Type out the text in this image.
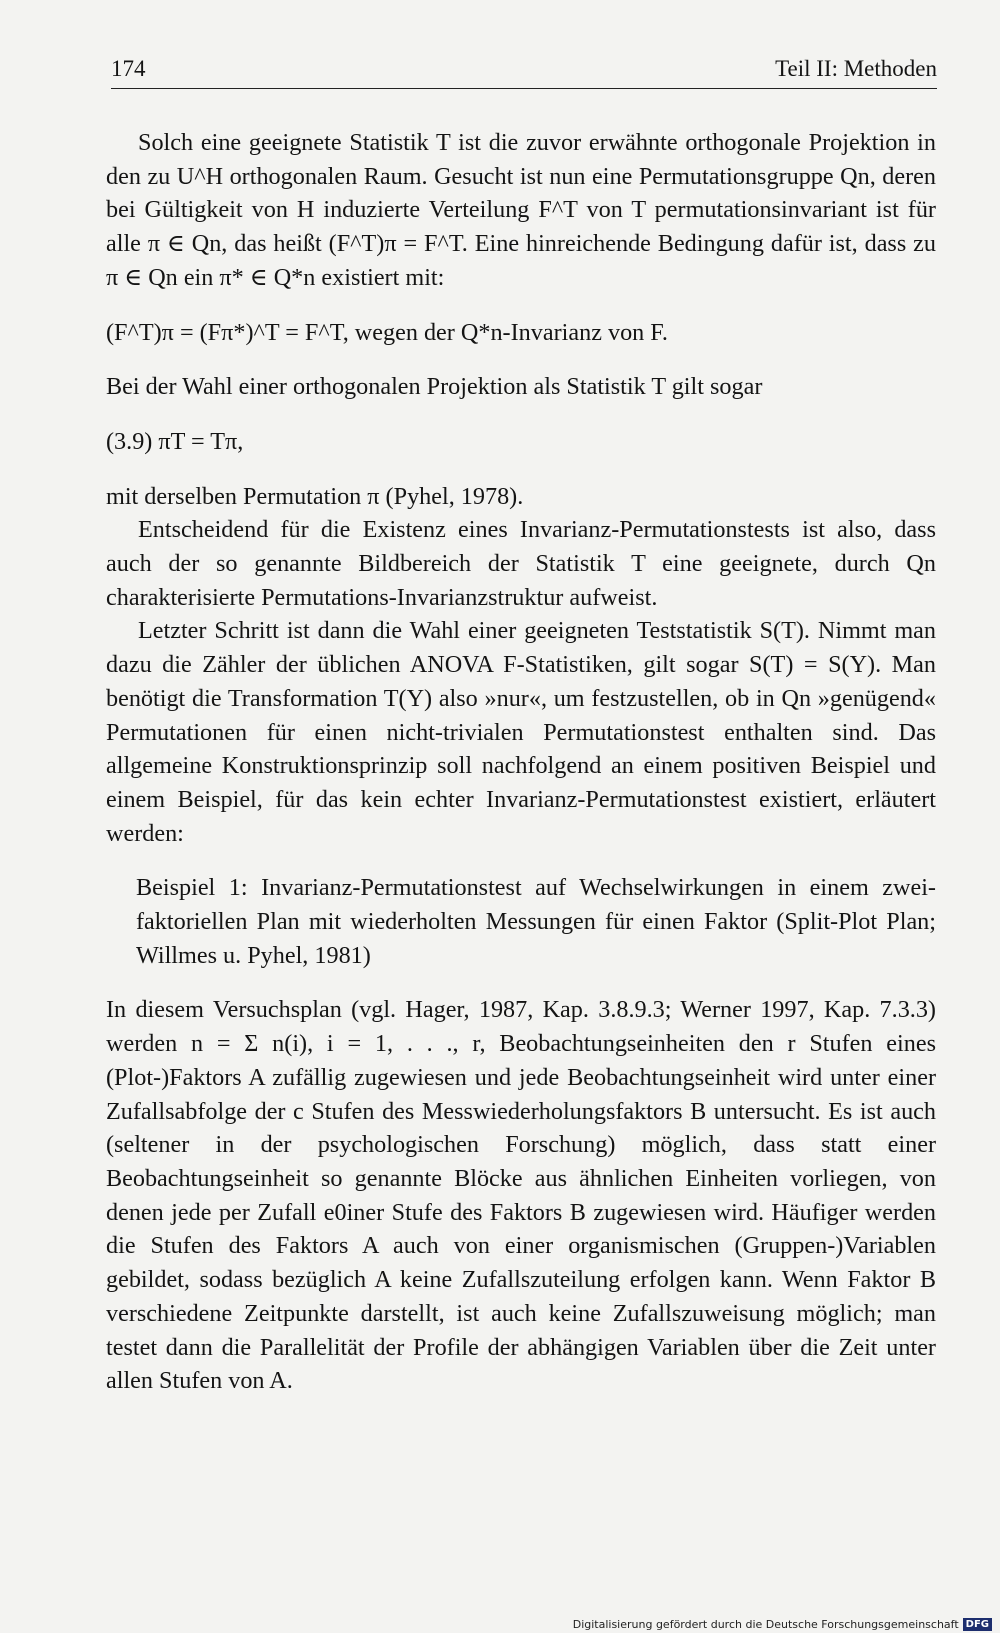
174	Teil II: Methoden

Solch eine geeignete Statistik T ist die zuvor erwähnte orthogonale Projektion in den zu U^H orthogonalen Raum. Gesucht ist nun eine Permutationsgruppe Qn, deren bei Gültigkeit von H induzierte Verteilung F^T von T permutationsinvariant ist für alle π ∈ Qn, das heißt (F^T)π = F^T. Eine hinreichende Bedingung dafür ist, dass zu π ∈ Qn ein π* ∈ Q*n existiert mit:

(F^T)π = (Fπ*)^T = F^T, wegen der Q*n-Invarianz von F.

Bei der Wahl einer orthogonalen Projektion als Statistik T gilt sogar

(3.9) πT = Tπ,

mit derselben Permutation π (Pyhel, 1978).

Entscheidend für die Existenz eines Invarianz-Permutationstests ist also, dass auch der so genannte Bildbereich der Statistik T eine geeignete, durch Qn charakterisierte Permutations-Invarianzstruktur aufweist.

Letzter Schritt ist dann die Wahl einer geeigneten Teststatistik S(T). Nimmt man dazu die Zähler der üblichen ANOVA F-Statistiken, gilt sogar S(T) = S(Y). Man benötigt die Transformation T(Y) also »nur«, um festzustellen, ob in Qn »genügend« Permutationen für einen nicht-trivialen Permutationstest enthalten sind. Das allgemeine Konstruktionsprinzip soll nachfolgend an einem positiven Beispiel und einem Beispiel, für das kein echter Invarianz-Permutationstest existiert, erläutert werden:

Beispiel 1: Invarianz-Permutationstest auf Wechselwirkungen in einem zwei-faktoriellen Plan mit wiederholten Messungen für einen Faktor (Split-Plot Plan; Willmes u. Pyhel, 1981)

In diesem Versuchsplan (vgl. Hager, 1987, Kap. 3.8.9.3; Werner 1997, Kap. 7.3.3) werden n = Σ n(i), i = 1, . . ., r, Beobachtungseinheiten den r Stufen eines (Plot-)Faktors A zufällig zugewiesen und jede Beobachtungseinheit wird unter einer Zufallsabfolge der c Stufen des Messwiederholungsfaktors B untersucht. Es ist auch (seltener in der psychologischen Forschung) möglich, dass statt einer Beobachtungseinheit so genannte Blöcke aus ähnlichen Einheiten vorliegen, von denen jede per Zufall e0iner Stufe des Faktors B zugewiesen wird. Häufiger werden die Stufen des Faktors A auch von einer organismischen (Gruppen-)Variablen gebildet, sodass bezüglich A keine Zufallszuteilung erfolgen kann. Wenn Faktor B verschiedene Zeitpunkte darstellt, ist auch keine Zufallszuweisung möglich; man testet dann die Parallelität der Profile der abhängigen Variablen über die Zeit unter allen Stufen von A.

Digitalisierung gefördert durch die Deutsche Forschungsgemeinschaft DFG
